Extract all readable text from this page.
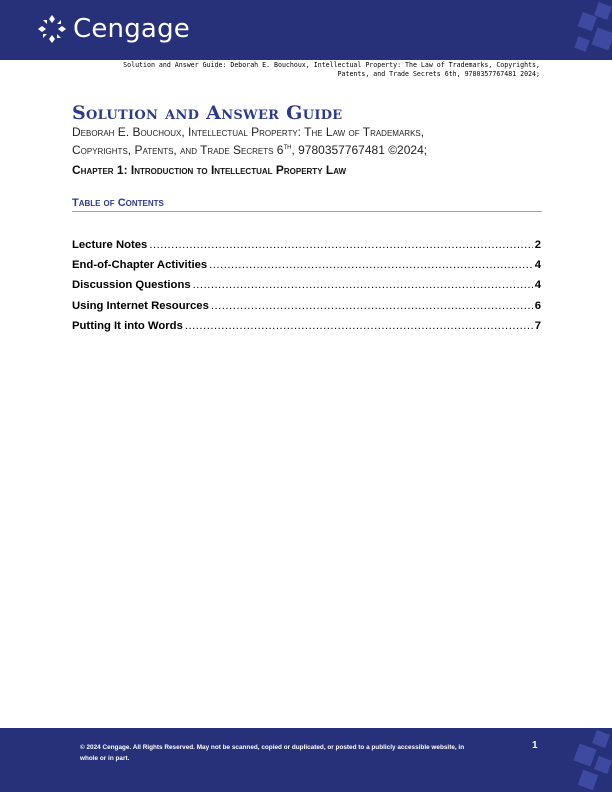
Cengage
Solution and Answer Guide: Deborah E. Bouchoux, Intellectual Property: The Law of Trademarks, Copyrights,
Patents, and Trade Secrets 6th, 9780357767481 2024;
Solution and Answer Guide
Deborah E. Bouchoux, Intellectual Property: The Law of Trademarks,
Copyrights, Patents, and Trade Secrets 6TH, 9780357767481 ©2024;
Chapter 1: Introduction to Intellectual Property Law
Table of Contents
Lecture Notes .....	2
End-of-Chapter Activities .....	4
Discussion Questions .....	4
Using Internet Resources .....	6
Putting It into Words .....	7

© 2024 Cengage. All Rights Reserved. May not be scanned, copied or duplicated, or posted to a publicly accessible website, in whole or in part.

1
